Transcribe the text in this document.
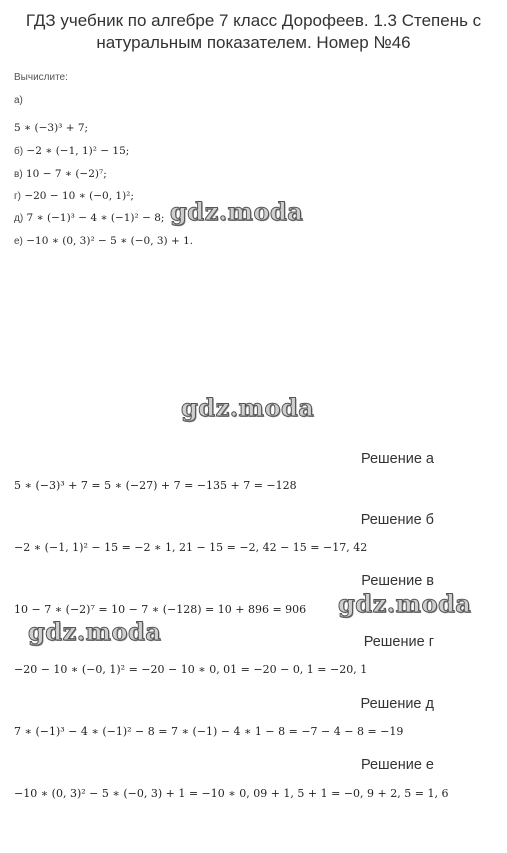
ГДЗ учебник по алгебре 7 класс Дорофеев. 1.3 Степень с натуральным показателем. Номер №46
Вычислите:
а)
5 ∗ (−3)³ + 7;
б) −2 ∗ (−1, 1)² − 15;
в) 10 − 7 ∗ (−2)⁷;
г) −20 − 10 ∗ (−0, 1)²;
д) 7 ∗ (−1)³ − 4 ∗ (−1)² − 8;
е) −10 ∗ (0, 3)² − 5 ∗ (−0, 3) + 1.
gdz.moda
gdz.moda
gdz.moda
gdz.moda
Решение а
5 ∗ (−3)³ + 7 = 5 ∗ (−27) + 7 = −135 + 7 = −128
Решение б
−2 ∗ (−1, 1)² − 15 = −2 ∗ 1, 21 − 15 = −2, 42 − 15 = −17, 42
Решение в
10 − 7 ∗ (−2)⁷ = 10 − 7 ∗ (−128) = 10 + 896 = 906
Решение г
−20 − 10 ∗ (−0, 1)² = −20 − 10 ∗ 0, 01 = −20 − 0, 1 = −20, 1
Решение д
7 ∗ (−1)³ − 4 ∗ (−1)² − 8 = 7 ∗ (−1) − 4 ∗ 1 − 8 = −7 − 4 − 8 = −19
Решение е
−10 ∗ (0, 3)² − 5 ∗ (−0, 3) + 1 = −10 ∗ 0, 09 + 1, 5 + 1 = −0, 9 + 2, 5 = 1, 6
